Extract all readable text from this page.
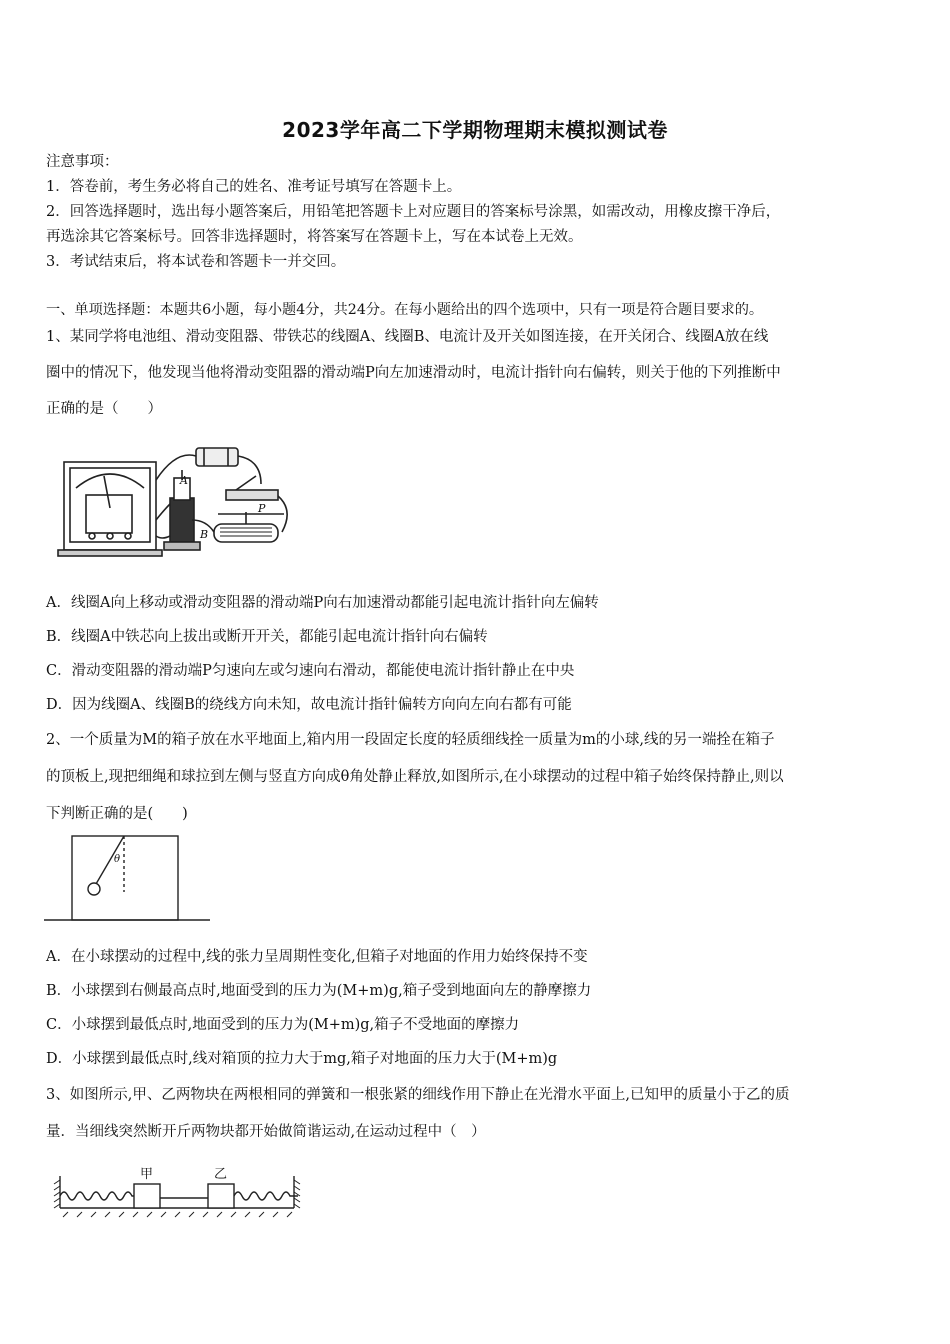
2023学年高二下学期物理期末模拟测试卷
注意事项：
1．答卷前，考生务必将自己的姓名、准考证号填写在答题卡上。
2．回答选择题时，选出每小题答案后，用铅笔把答题卡上对应题目的答案标号涂黑，如需改动，用橡皮擦干净后，
再选涂其它答案标号。回答非选择题时，将答案写在答题卡上，写在本试卷上无效。
3．考试结束后，将本试卷和答题卡一并交回。
一、单项选择题：本题共6小题，每小题4分，共24分。在每小题给出的四个选项中，只有一项是符合题目要求的。
1、某同学将电池组、滑动变阻器、带铁芯的线圈A、线圈B、电流计及开关如图连接，在开关闭合、线圈A放在线
圈中的情况下，他发现当他将滑动变阻器的滑动端P向左加速滑动时，电流计指针向右偏转，则关于他的下列推断中
正确的是（　　）
A
B
P
A．线圈A向上移动或滑动变阻器的滑动端P向右加速滑动都能引起电流计指针向左偏转
B．线圈A中铁芯向上拔出或断开开关，都能引起电流计指针向右偏转
C．滑动变阻器的滑动端P匀速向左或匀速向右滑动，都能使电流计指针静止在中央
D．因为线圈A、线圈B的绕线方向未知，故电流计指针偏转方向向左向右都有可能
2、一个质量为M的箱子放在水平地面上,箱内用一段固定长度的轻质细线拴一质量为m的小球,线的另一端拴在箱子
的顶板上,现把细绳和球拉到左侧与竖直方向成θ角处静止释放,如图所示,在小球摆动的过程中箱子始终保持静止,则以
下判断正确的是(　　)
θ
A．在小球摆动的过程中,线的张力呈周期性变化,但箱子对地面的作用力始终保持不变
B．小球摆到右侧最高点时,地面受到的压力为(M+m)g,箱子受到地面向左的静摩擦力
C．小球摆到最低点时,地面受到的压力为(M+m)g,箱子不受地面的摩擦力
D．小球摆到最低点时,线对箱顶的拉力大于mg,箱子对地面的压力大于(M+m)g
3、如图所示,甲、乙两物块在两根相同的弹簧和一根张紧的细线作用下静止在光滑水平面上,已知甲的质量小于乙的质
量．当细线突然断开斤两物块都开始做简谐运动,在运动过程中（　）
甲	乙
